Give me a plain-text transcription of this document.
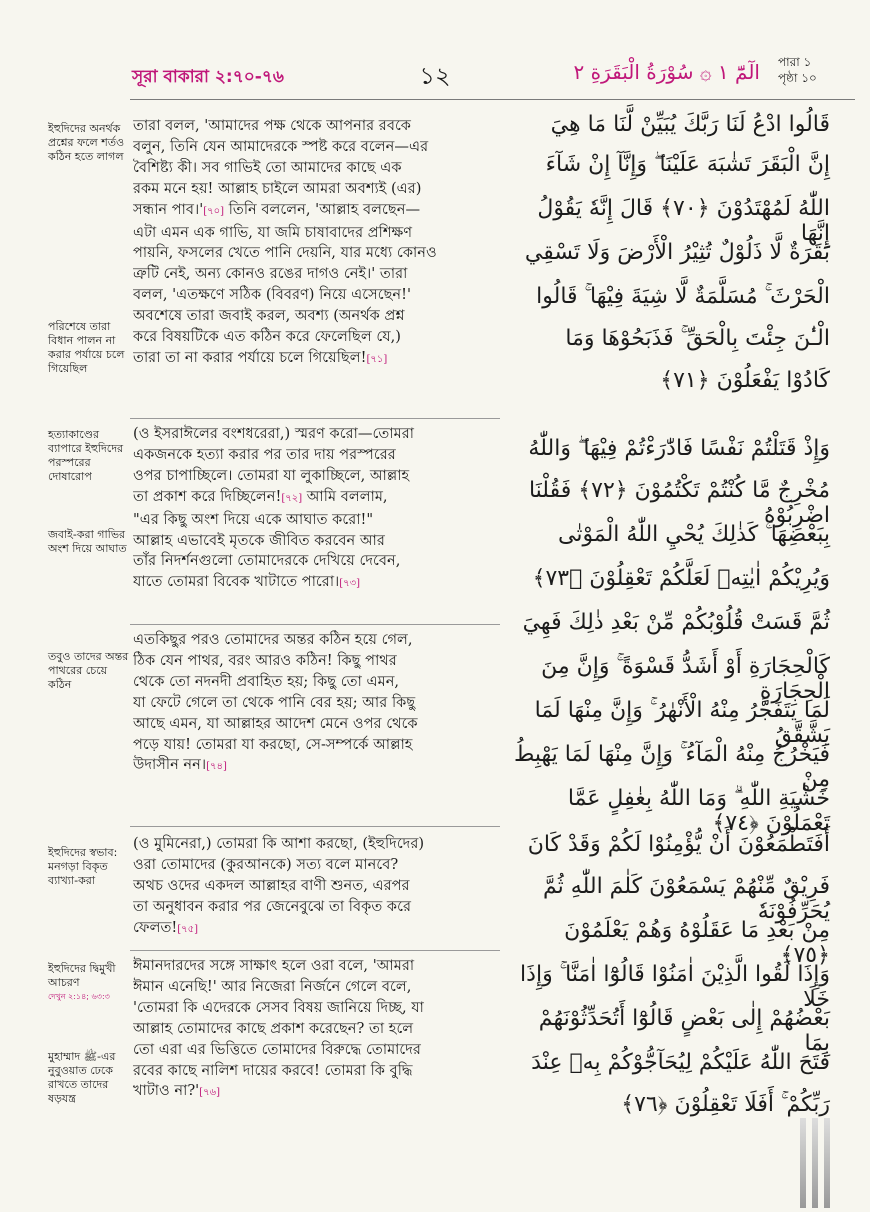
সূরা বাকারা ২:৭০-৭৬	১২	الٓمّٓ ١ ۞ سُوْرَةُ الْبَقَرَةِ ٢ পারা ১
পৃষ্ঠা ১০
ইহুদিদের অনর্থক প্রশ্নের ফলে শর্তও কঠিন হতে লাগল
পরিশেষে তারা বিধান পালন না করার পর্যায়ে চলে গিয়েছিল
হত্যাকাণ্ডের ব্যাপারে ইহুদিদের পরস্পরের দোষারোপ
জবাই-করা গাভির অংশ দিয়ে আঘাত
তবুও তাদের অন্তর পাথরের চেয়ে কঠিন
ইহুদিদের স্বভাব: মনগড়া বিকৃত ব্যাখ্যা-করা
ইহুদিদের দ্বিমুখী আচরণ
দেখুন ২:১৪; ৬৩:৩
মুহাম্মাদ ﷺ-এর নুবুওয়াত ঢেকে রাখতে তাদের ষড়যন্ত্র
তারা বলল, 'আমাদের পক্ষ থেকে আপনার রবকে
বলুন, তিনি যেন আমাদেরকে স্পষ্ট করে বলেন—এর
বৈশিষ্ট্য কী। সব গাভিই তো আমাদের কাছে এক
রকম মনে হয়! আল্লাহ চাইলে আমরা অবশ্যই (এর)
সন্ধান পাব।'[৭০] তিনি বললেন, 'আল্লাহ বলছেন—
এটা এমন এক গাভি, যা জমি চাষাবাদের প্রশিক্ষণ
পায়নি, ফসলের খেতে পানি দেয়নি, যার মধ্যে কোনও
ত্রুটি নেই, অন্য কোনও রঙের দাগও নেই।' তারা
বলল, 'এতক্ষণে সঠিক (বিবরণ) নিয়ে এসেছেন!'
অবশেষে তারা জবাই করল, অবশ্য (অনর্থক প্রশ্ন
করে বিষয়টিকে এত কঠিন করে ফেলেছিল যে,)
তারা তা না করার পর্যায়ে চলে গিয়েছিল![৭১]
(ও ইসরাঈলের বংশধরেরা,) স্মরণ করো—তোমরা
একজনকে হত্যা করার পর তার দায় পরস্পরের
ওপর চাপাচ্ছিলে। তোমরা যা লুকাচ্ছিলে, আল্লাহ
তা প্রকাশ করে দিচ্ছিলেন![৭২] আমি বললাম,
"এর কিছু অংশ দিয়ে একে আঘাত করো!"
আল্লাহ এভাবেই মৃতকে জীবিত করবেন আর
তাঁর নিদর্শনগুলো তোমাদেরকে দেখিয়ে দেবেন,
যাতে তোমরা বিবেক খাটাতে পারো।[৭৩]
এতকিছুর পরও তোমাদের অন্তর কঠিন হয়ে গেল,
ঠিক যেন পাথর, বরং আরও কঠিন! কিছু পাথর
থেকে তো নদনদী প্রবাহিত হয়; কিছু তো এমন,
যা ফেটে গেলে তা থেকে পানি বের হয়; আর কিছু
আছে এমন, যা আল্লাহর আদেশ মেনে ওপর থেকে
পড়ে যায়! তোমরা যা করছো, সে-সম্পর্কে আল্লাহ
উদাসীন নন।[৭৪]
(ও মুমিনেরা,) তোমরা কি আশা করছো, (ইহুদিদের)
ওরা তোমাদের (কুরআনকে) সত্য বলে মানবে?
অথচ ওদের একদল আল্লাহর বাণী শুনত, এরপর
তা অনুধাবন করার পর জেনেবুঝে তা বিকৃত করে
ফেলত![৭৫]
ঈমানদারদের সঙ্গে সাক্ষাৎ হলে ওরা বলে, 'আমরা
ঈমান এনেছি!' আর নিজেরা নির্জনে গেলে বলে,
'তোমরা কি এদেরকে সেসব বিষয় জানিয়ে দিচ্ছ, যা
আল্লাহ তোমাদের কাছে প্রকাশ করেছেন? তা হলে
তো এরা এর ভিত্তিতে তোমাদের বিরুদ্ধে তোমাদের
রবের কাছে নালিশ দায়ের করবে! তোমরা কি বুদ্ধি
খাটাও না?'[৭৬]
قَالُوا ادْعُ لَنَا رَبَّكَ يُبَيِّنْ لَّنَا مَا هِيَ
إِنَّ الْبَقَرَ تَشٰبَهَ عَلَيْنَا ۖ وَإِنَّآ إِنْ شَآءَ
اللّٰهُ لَمُهْتَدُوْنَ ﴿٧٠﴾ قَالَ إِنَّهٗ يَقُوْلُ إِنَّهَا
بَقَرَةٌ لَّا ذَلُوْلٌ تُثِيْرُ الْأَرْضَ وَلَا تَسْقِي
الْحَرْثَ ۚ مُسَلَّمَةٌ لَّا شِيَةَ فِيْهَا ۚ قَالُوا
الْـٰٔنَ جِئْتَ بِالْحَقِّ ۚ فَذَبَحُوْهَا وَمَا
كَادُوْا يَفْعَلُوْنَ ﴿٧١﴾
وَإِذْ قَتَلْتُمْ نَفْسًا فَادّٰرَءْتُمْ فِيْهَا ۖ وَاللّٰهُ
مُخْرِجٌ مَّا كُنْتُمْ تَكْتُمُوْنَ ﴿٧٢﴾ فَقُلْنَا اضْرِبُوْهُ
بِبَعْضِهَا ۚ كَذٰلِكَ يُحْيِ اللّٰهُ الْمَوْتٰى
وَيُرِيْكُمْ اٰيٰتِهٖ لَعَلَّكُمْ تَعْقِلُوْنَ ﴿٧٣﴾
ثُمَّ قَسَتْ قُلُوْبُكُمْ مِّنْ بَعْدِ ذٰلِكَ فَهِيَ
كَالْحِجَارَةِ أَوْ أَشَدُّ قَسْوَةً ۚ وَإِنَّ مِنَ الْحِجَارَةِ
لَمَا يَتَفَجَّرُ مِنْهُ الْأَنْهٰرُ ۚ وَإِنَّ مِنْهَا لَمَا يَشَّقَّقُ
فَيَخْرُجُ مِنْهُ الْمَآءُ ۚ وَإِنَّ مِنْهَا لَمَا يَهْبِطُ مِنْ
خَشْيَةِ اللّٰهِ ۗ وَمَا اللّٰهُ بِغٰفِلٍ عَمَّا تَعْمَلُوْنَ ﴿٧٤﴾
أَفَتَطْمَعُوْنَ أَنْ يُّؤْمِنُوْا لَكُمْ وَقَدْ كَانَ
فَرِيْقٌ مِّنْهُمْ يَسْمَعُوْنَ كَلٰمَ اللّٰهِ ثُمَّ يُحَرِّفُوْنَهٗ
مِنْ بَعْدِ مَا عَقَلُوْهُ وَهُمْ يَعْلَمُوْنَ ﴿٧٥﴾
وَإِذَا لَقُوا الَّذِيْنَ اٰمَنُوْا قَالُوْٓا اٰمَنَّا ۚ وَإِذَا خَلَا
بَعْضُهُمْ إِلٰى بَعْضٍ قَالُوْٓا أَتُحَدِّثُوْنَهُمْ بِمَا
فَتَحَ اللّٰهُ عَلَيْكُمْ لِيُحَآجُّوْكُمْ بِهٖ عِنْدَ
رَبِّكُمْ ۚ أَفَلَا تَعْقِلُوْنَ ﴿٧٦﴾
